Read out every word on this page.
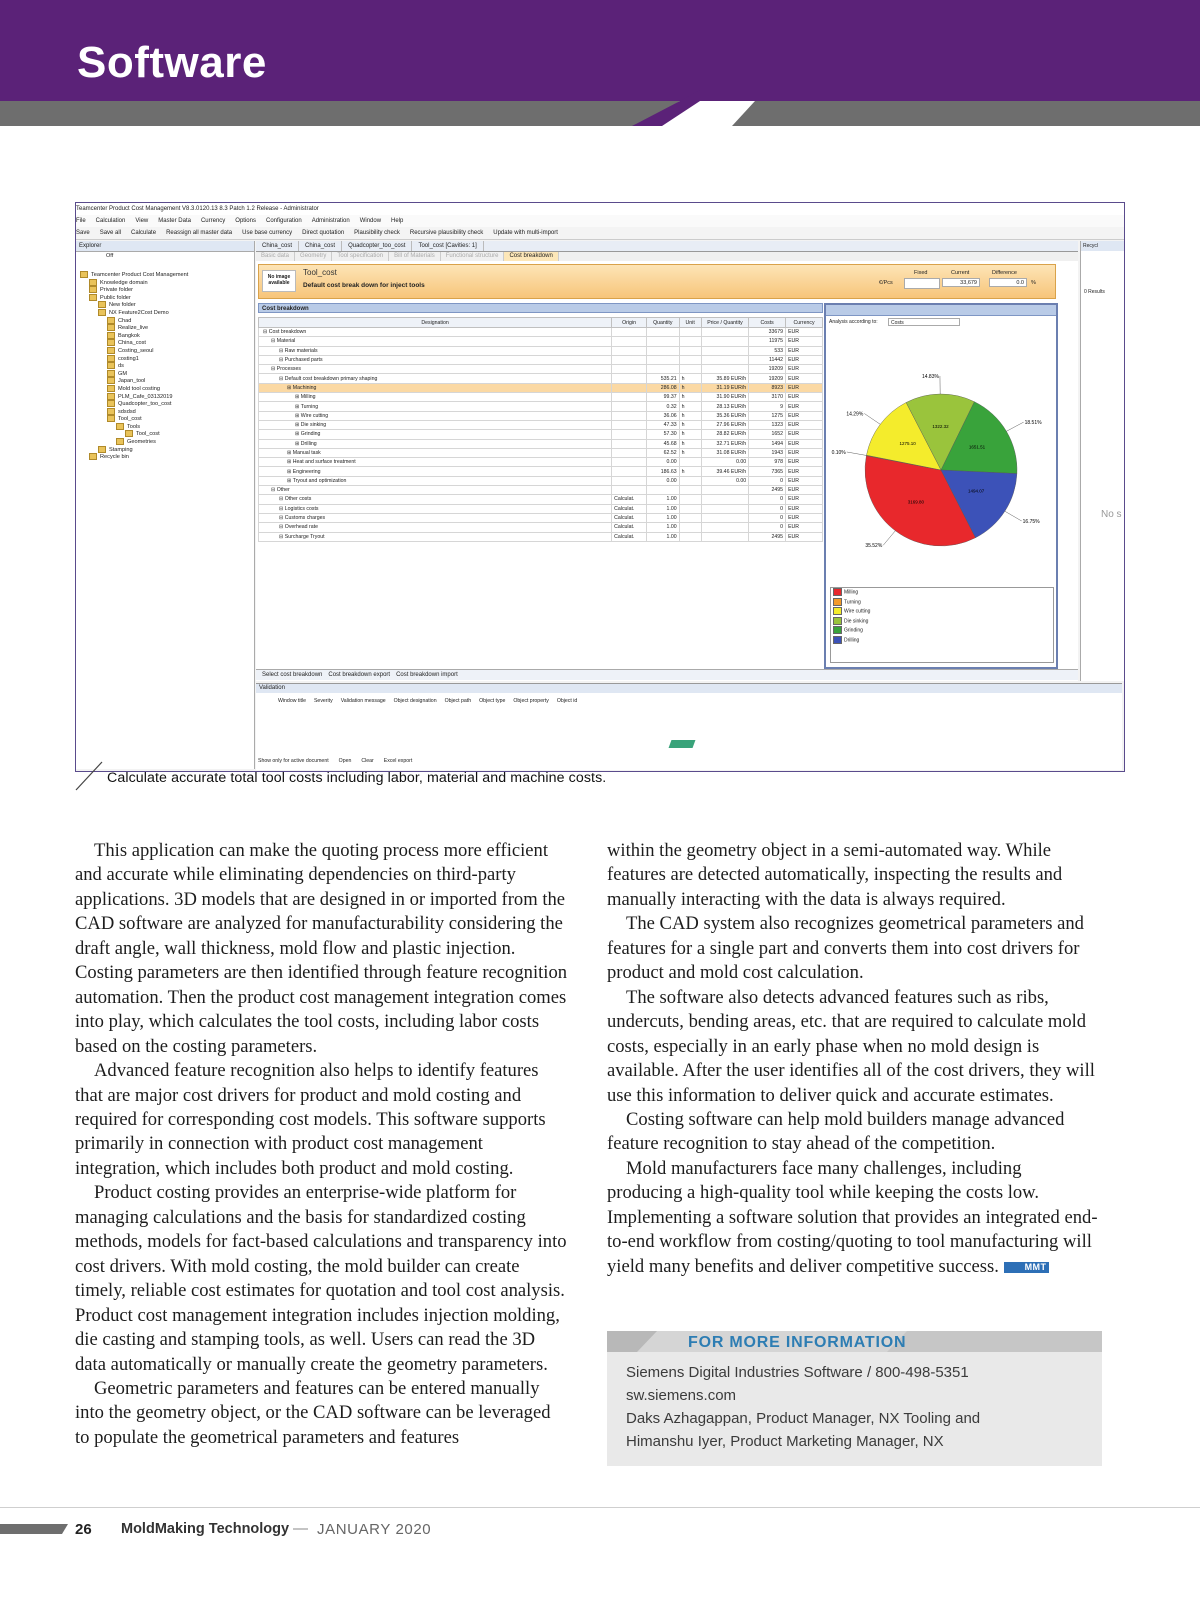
Software
Teamcenter Product Cost Management V8.3.0120.13 8.3 Patch 1.2 Release - Administrator
File Calculation View Master Data Currency Options Configuration Administration Window Help
Save Save all Calculate Reassign all master data Use base currency Direct quotation Plausibility check Recursive plausibility check Update with multi-import
Explorer
Off
Teamcenter Product Cost Management
Knowledge domain
Private folder
Public folder
New folder
NX Feature2Cost Demo
Chad
Realize_live
Bangkok
China_cost
Costing_seoul
costing1
ds
GM
Japan_tool
Mold tool costing
PLM_Cafe_03132019
Quadcopter_too_cost
sdsdsd
Tool_cost
Tools
Tool_cost
Geometries
Stamping
Recycle bin
China_cost China_cost Quadcopter_too_cost Tool_cost [Cavities: 1]
Basic data Geometry Tool specification Bill of Materials Functional structure Cost breakdown
No image available
Tool_cost
Default cost break down for inject tools	€/Pcs
Fixed	Current
33,679
Difference
0.0	%
Cost breakdown
Designation	Origin	Quantity	Unit	Price / Quantity	Costs	Currency
⊟ Cost breakdown					33679	EUR
⊟ Material					11975	EUR
⊟ Raw materials					533	EUR
⊟ Purchased parts					11442	EUR
⊟ Processes					19209	EUR
⊟ Default cost breakdown primary shaping		535.21	h	35.89 EUR/h	19209	EUR
⊞ Machining		286.08	h	31.19 EUR/h	8923	EUR
⊞ Milling		99.37	h	31.90 EUR/h	3170	EUR
⊞ Turning		0.32	h	28.13 EUR/h	9	EUR
⊞ Wire cutting		36.06	h	35.36 EUR/h	1275	EUR
⊞ Die sinking		47.33	h	27.96 EUR/h	1323	EUR
⊞ Grinding		57.30	h	28.82 EUR/h	1652	EUR
⊞ Drilling		45.68	h	32.71 EUR/h	1494	EUR
⊞ Manual task		62.52	h	31.08 EUR/h	1943	EUR
⊞ Heat and surface treatment		0.00		0.00	978	EUR
⊞ Engineering		186.63	h	39.46 EUR/h	7365	EUR
⊞ Tryout and optimization		0.00		0.00	0	EUR
⊟ Other					2495	EUR
⊟ Other costs	Calculat.	1.00			0	EUR
⊟ Logistics costs	Calculat.	1.00			0	EUR
⊟ Customs charges	Calculat.	1.00			0	EUR
⊟ Overhead rate	Calculat.	1.00			0	EUR
⊟ Surcharge Tryout	Calculat.	1.00			2495	EUR
Analysis according to:	Costs
3169.80
35.52%
0.10%
1275.10
14.29%
1322.32
14.83%
1651.51
18.51%
1494.07
16.75%
Milling
Turning
Wire cutting
Die sinking
Grinding
Drilling
Select cost breakdown Cost breakdown export Cost breakdown import
Recycl
0 Results
No s
Validation
Window title Severity Validation message Object designation Object path Object type Object property Object id
Show only for active document Open Clear Excel export
Calculate accurate total tool costs including labor, material and machine costs.

This application can make the quoting process more efficient and accurate while eliminating dependencies on third-party applications. 3D models that are designed in or imported from the CAD software are analyzed for manufacturability considering the draft angle, wall thickness, mold flow and plastic injection. Costing parameters are then identified through feature recognition automation. Then the product cost management integration comes into play, which calculates the tool costs, including labor costs based on the costing parameters.

Advanced feature recognition also helps to identify features that are major cost drivers for product and mold costing and required for corresponding cost models. This software supports primarily in connection with product cost management integration, which includes both product and mold costing.

Product costing provides an enterprise-wide platform for managing calculations and the basis for standardized costing methods, models for fact-based calculations and transparency into cost drivers. With mold costing, the mold builder can create timely, reliable cost estimates for quotation and tool cost analysis. Product cost management integration includes injection molding, die casting and stamping tools, as well. Users can read the 3D data automatically or manually create the geometry parameters.

Geometric parameters and features can be entered manually into the geometry object, or the CAD software can be leveraged to populate the geometrical parameters and features

within the geometry object in a semi-automated way. While features are detected automatically, inspecting the results and manually interacting with the data is always required.

The CAD system also recognizes geometrical parameters and features for a single part and converts them into cost drivers for product and mold cost calculation.

The software also detects advanced features such as ribs, undercuts, bending areas, etc. that are required to calculate mold costs, especially in an early phase when no mold design is available. After the user identifies all of the cost drivers, they will use this information to deliver quick and accurate estimates.

Costing software can help mold builders manage advanced feature recognition to stay ahead of the competition.

Mold manufacturers face many challenges, including producing a high-quality tool while keeping the costs low. Implementing a software solution that provides an integrated end-to-end workflow from costing/quoting to tool manufacturing will yield many benefits and deliver competitive success.	MMT

FOR MORE INFORMATION
Siemens Digital Industries Software / 800-498-5351
sw.siemens.com
Daks Azhagappan, Product Manager, NX Tooling and
Himanshu Iyer, Product Marketing Manager, NX
26 MoldMaking Technology — JANUARY 2020
